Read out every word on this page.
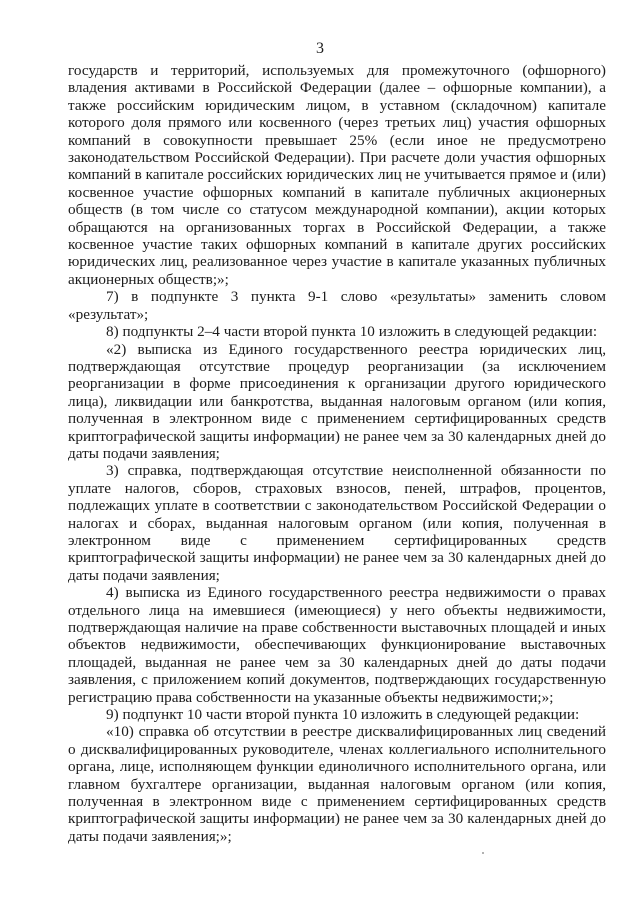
3

государств и территорий, используемых для промежуточного (офшорного) владения активами в Российской Федерации (далее – офшорные компании), а также российским юридическим лицом, в уставном (складочном) капитале которого доля прямого или косвенного (через третьих лиц) участия офшорных компаний в совокупности превышает 25% (если иное не предусмотрено законодательством Российской Федерации). При расчете доли участия офшорных компаний в капитале российских юридических лиц не учитывается прямое и (или) косвенное участие офшорных компаний в капитале публичных акционерных обществ (в том числе со статусом международной компании), акции которых обращаются на организованных торгах в Российской Федерации, а также косвенное участие таких офшорных компаний в капитале других российских юридических лиц, реализованное через участие в капитале указанных публичных акционерных обществ;»;

7) в подпункте 3 пункта 9-1 слово «результаты» заменить словом «результат»;

8) подпункты 2–4 части второй пункта 10 изложить в следующей редакции:

«2) выписка из Единого государственного реестра юридических лиц, подтверждающая отсутствие процедур реорганизации (за исключением реорганизации в форме присоединения к организации другого юридического лица), ликвидации или банкротства, выданная налоговым органом (или копия, полученная в электронном виде с применением сертифицированных средств криптографической защиты информации) не ранее чем за 30 календарных дней до даты подачи заявления;

3) справка, подтверждающая отсутствие неисполненной обязанности по уплате налогов, сборов, страховых взносов, пеней, штрафов, процентов, подлежащих уплате в соответствии с законодательством Российской Федерации о налогах и сборах, выданная налоговым органом (или копия, полученная в электронном виде с применением сертифицированных средств криптографической защиты информации) не ранее чем за 30 календарных дней до даты подачи заявления;

4) выписка из Единого государственного реестра недвижимости о правах отдельного лица на имевшиеся (имеющиеся) у него объекты недвижимости, подтверждающая наличие на праве собственности выставочных площадей и иных объектов недвижимости, обеспечивающих функционирование выставочных площадей, выданная не ранее чем за 30 календарных дней до даты подачи заявления, с приложением копий документов, подтверждающих государственную регистрацию права собственности на указанные объекты недвижимости;»;

9) подпункт 10 части второй пункта 10 изложить в следующей редакции:

«10) справка об отсутствии в реестре дисквалифицированных лиц сведений о дисквалифицированных руководителе, членах коллегиального исполнительного органа, лице, исполняющем функции единоличного исполнительного органа, или главном бухгалтере организации, выданная налоговым органом (или копия, полученная в электронном виде с применением сертифицированных средств криптографической защиты информации) не ранее чем за 30 календарных дней до даты подачи заявления;»;
